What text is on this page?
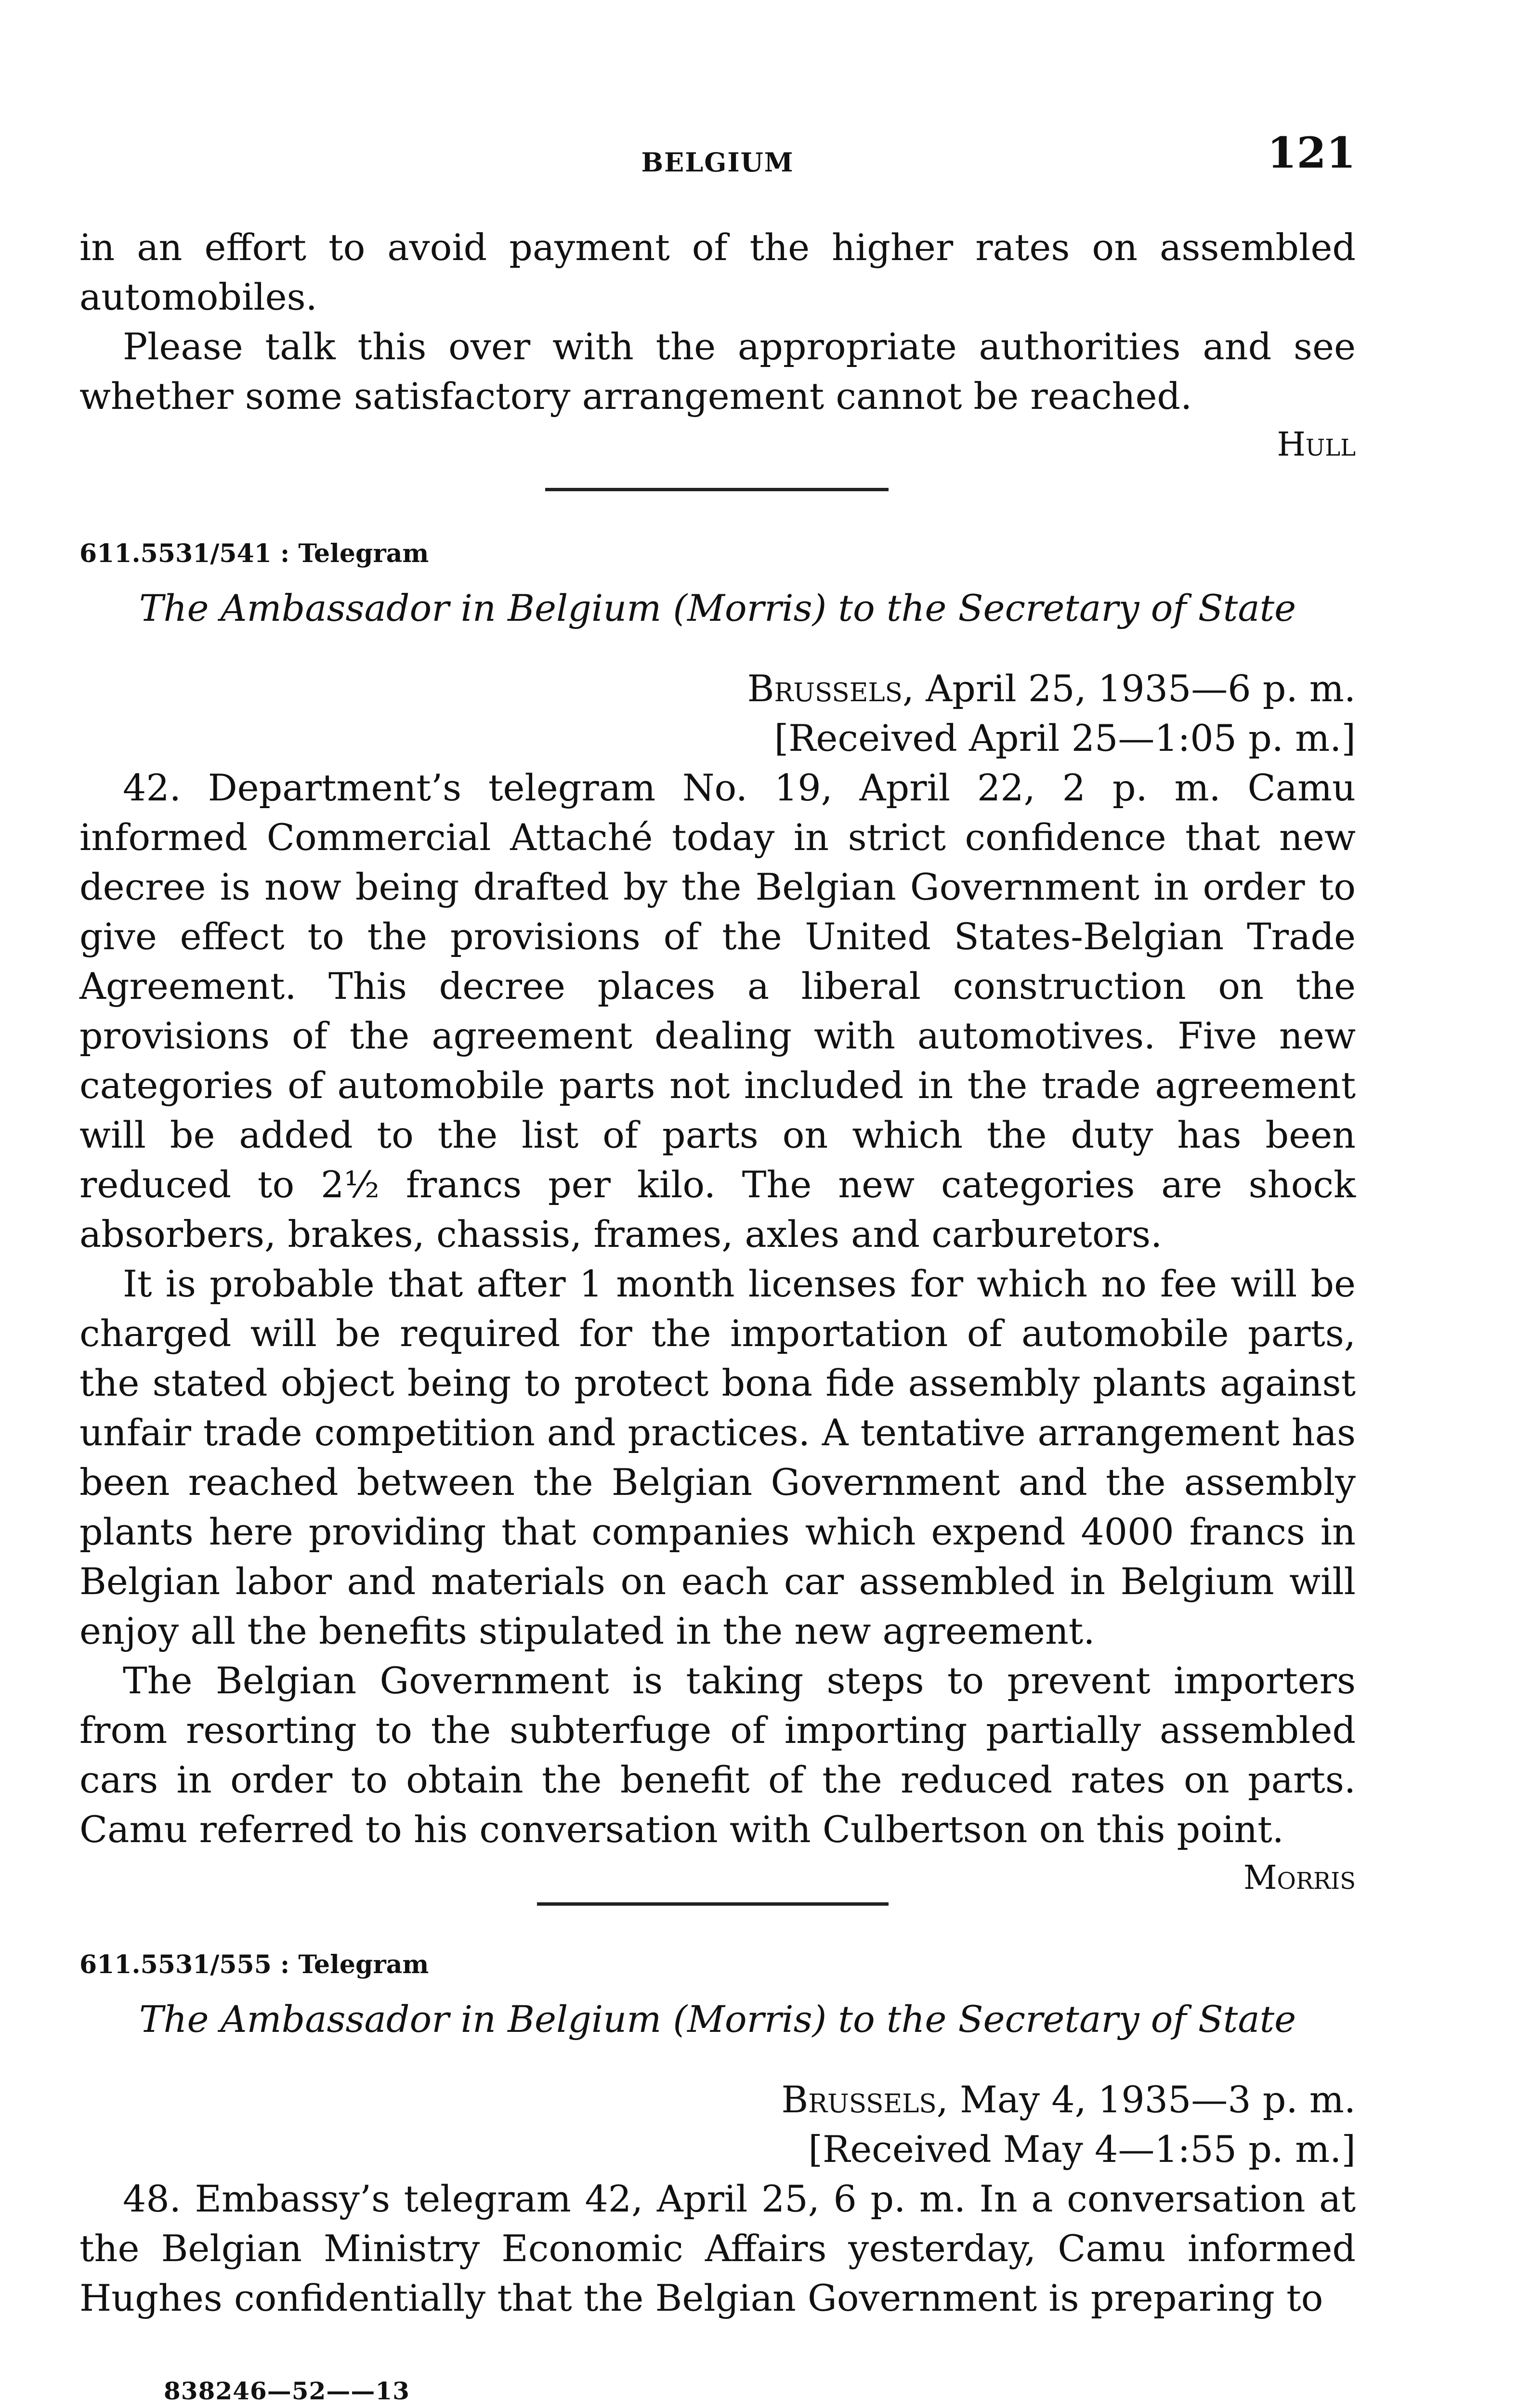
BELGIUM	121

in an effort to avoid payment of the higher rates on assembled automobiles.

Please talk this over with the appropriate authorities and see whether some satisfactory arrangement cannot be reached.

Hull
611.5531/541 : Telegram
The Ambassador in Belgium (Morris) to the Secretary of State
Brussels, April 25, 1935—6 p. m.
[Received April 25—1:05 p. m.]

42. Department’s telegram No. 19, April 22, 2 p. m. Camu informed Commercial Attaché today in strict confidence that new decree is now being drafted by the Belgian Government in order to give effect to the provisions of the United States-Belgian Trade Agreement. This decree places a liberal construction on the provisions of the agreement dealing with automotives. Five new categories of automobile parts not included in the trade agreement will be added to the list of parts on which the duty has been reduced to 2½ francs per kilo. The new categories are shock absorbers, brakes, chassis, frames, axles and carburetors.

It is probable that after 1 month licenses for which no fee will be charged will be required for the importation of automobile parts, the stated object being to protect bona fide assembly plants against unfair trade competition and practices. A tentative arrangement has been reached between the Belgian Government and the assembly plants here providing that companies which expend 4000 francs in Belgian labor and materials on each car assembled in Belgium will enjoy all the benefits stipulated in the new agreement.

The Belgian Government is taking steps to prevent importers from resorting to the subterfuge of importing partially assembled cars in order to obtain the benefit of the reduced rates on parts. Camu referred to his conversation with Culbertson on this point.

Morris
611.5531/555 : Telegram
The Ambassador in Belgium (Morris) to the Secretary of State
Brussels, May 4, 1935—3 p. m.
[Received May 4—1:55 p. m.]

48. Embassy’s telegram 42, April 25, 6 p. m. In a conversation at the Belgian Ministry Economic Affairs yesterday, Camu informed Hughes confidentially that the Belgian Government is preparing to

838246—52——13
